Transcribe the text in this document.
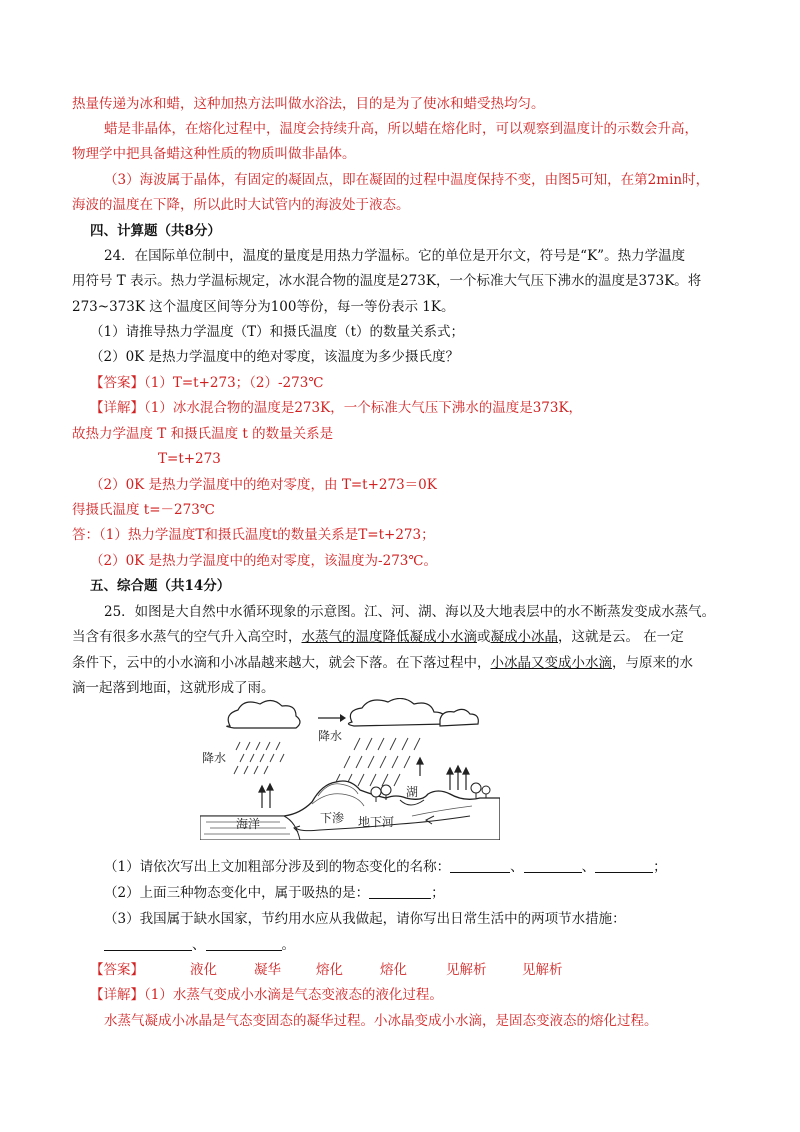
热量传递为冰和蜡，这种加热方法叫做水浴法，目的是为了使冰和蜡受热均匀。
蜡是非晶体，在熔化过程中，温度会持续升高，所以蜡在熔化时，可以观察到温度计的示数会升高，
物理学中把具备蜡这种性质的物质叫做非晶体。
（3）海波属于晶体，有固定的凝固点，即在凝固的过程中温度保持不变，由图5可知，在第2min时，
海波的温度在下降，所以此时大试管内的海波处于液态。
四、计算题（共8分）
24．在国际单位制中，温度的量度是用热力学温标。它的单位是开尔文，符号是“K”。热力学温度
用符号 T 表示。热力学温标规定，冰水混合物的温度是273K，一个标准大气压下沸水的温度是373K。将
273~373K 这个温度区间等分为100等份，每一等份表示 1K。
（1）请推导热力学温度（T）和摄氏温度（t）的数量关系式；
（2）0K 是热力学温度中的绝对零度，该温度为多少摄氏度？
【答案】（1）T=t+273；（2）-273℃
【详解】（1）冰水混合物的温度是273K，一个标准大气压下沸水的温度是373K，
故热力学温度 T 和摄氏温度 t 的数量关系是
T=t+273
（2）0K 是热力学温度中的绝对零度，由 T=t+273＝0K
得摄氏温度 t=－273℃
答：（1）热力学温度T和摄氏温度t的数量关系是T=t+273；
（2）0K 是热力学温度中的绝对零度，该温度为-273℃。
五、综合题（共14分）
25．如图是大自然中水循环现象的示意图。江、河、湖、海以及大地表层中的水不断蒸发变成水蒸气。
当含有很多水蒸气的空气升入高空时，水蒸气的温度降低凝成小水滴或凝成小冰晶，这就是云。 在一定
条件下，云中的小水滴和小冰晶越来越大，就会下落。在下落过程中，小冰晶又变成小水滴，与原来的水
滴一起落到地面，这就形成了雨。
降水
降水
湖
海洋	下渗 地下河
（1）请依次写出上文加粗部分涉及到的物态变化的名称：	、	、	；
（2）上面三种物态变化中，属于吸热的是：	；
（3）我国属于缺水国家，节约用水应从我做起，请你写出日常生活中的两项节水措施：
、	。
【答案】	液化	凝华	熔化	熔化	见解析	见解析
【详解】（1）水蒸气变成小水滴是气态变液态的液化过程。
水蒸气凝成小冰晶是气态变固态的凝华过程。小冰晶变成小水滴，是固态变液态的熔化过程。
